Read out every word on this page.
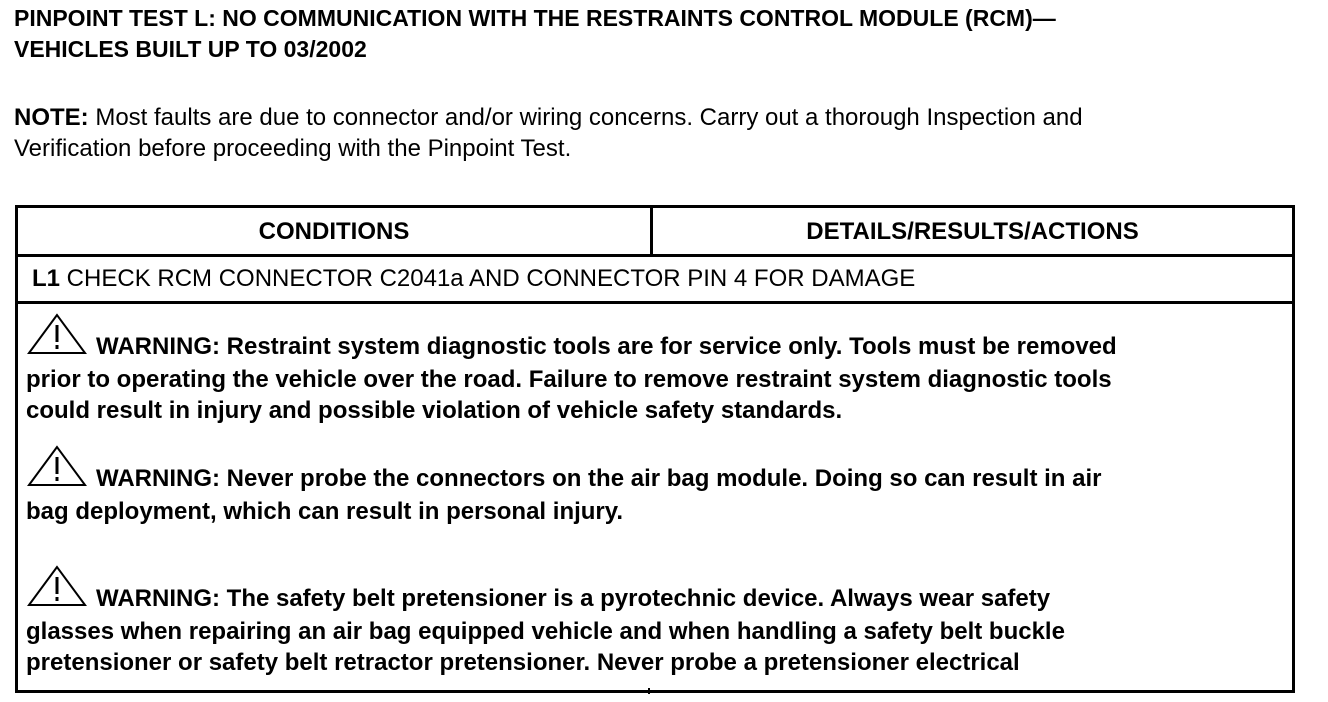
PINPOINT TEST L: NO COMMUNICATION WITH THE RESTRAINTS CONTROL MODULE (RCM)—
VEHICLES BUILT UP TO 03/2002
NOTE: Most faults are due to connector and/or wiring concerns. Carry out a thorough Inspection and
Verification before proceeding with the Pinpoint Test.
CONDITIONS	DETAILS/RESULTS/ACTIONS
L1 CHECK RCM CONNECTOR C2041a AND CONNECTOR PIN 4 FOR DAMAGE
WARNING: Restraint system diagnostic tools are for service only. Tools must be removed
prior to operating the vehicle over the road. Failure to remove restraint system diagnostic tools
could result in injury and possible violation of vehicle safety standards.
WARNING: Never probe the connectors on the air bag module. Doing so can result in air
bag deployment, which can result in personal injury.
WARNING: The safety belt pretensioner is a pyrotechnic device. Always wear safety
glasses when repairing an air bag equipped vehicle and when handling a safety belt buckle
pretensioner or safety belt retractor pretensioner. Never probe a pretensioner electrical
